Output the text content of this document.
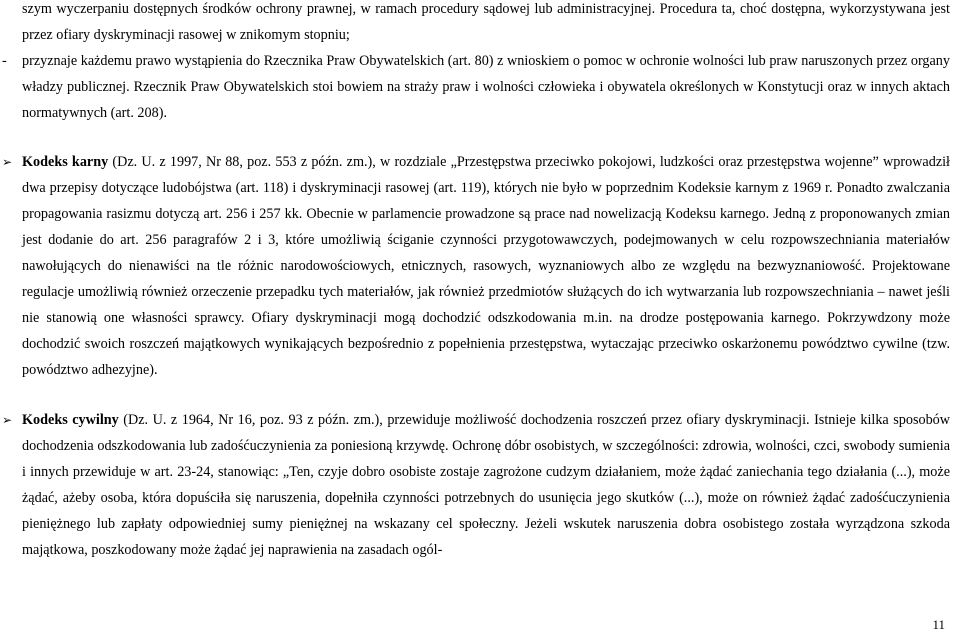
szym wyczerpaniu dostępnych środków ochrony prawnej, w ramach procedury sądowej lub administracyjnej. Procedura ta, choć dostępna, wykorzystywana jest przez ofiary dyskryminacji rasowej w znikomym stopniu;

-	przyznaje każdemu prawo wystąpienia do Rzecznika Praw Obywatelskich (art. 80) z wnioskiem o pomoc w ochronie wolności lub praw naruszonych przez organy władzy publicznej. Rzecznik Praw Obywatelskich stoi bowiem na straży praw i wolności człowieka i obywatela określonych w Konstytucji oraz w innych aktach normatywnych (art. 208).
➢ Kodeks karny (Dz. U. z 1997, Nr 88, poz. 553 z późn. zm.), w rozdziale „Przestępstwa przeciwko pokojowi, ludzkości oraz przestępstwa wojenne” wprowadził dwa przepisy dotyczące ludobójstwa (art. 118) i dyskryminacji rasowej (art. 119), których nie było w poprzednim Kodeksie karnym z 1969 r. Ponadto zwalczania propagowania rasizmu dotyczą art. 256 i 257 kk. Obecnie w parlamencie prowadzone są prace nad nowelizacją Kodeksu karnego. Jedną z proponowanych zmian jest dodanie do art. 256 paragrafów 2 i 3, które umożliwią ściganie czynności przygotowawczych, podejmowanych w celu rozpowszechniania materiałów nawołujących do nienawiści na tle różnic narodowościowych, etnicznych, rasowych, wyznaniowych albo ze względu na bezwyznaniowość. Projektowane regulacje umożliwią również orzeczenie przepadku tych materiałów, jak również przedmiotów służących do ich wytwarzania lub rozpowszechniania – nawet jeśli nie stanowią one własności sprawcy. Ofiary dyskryminacji mogą dochodzić odszkodowania m.in. na drodze postępowania karnego. Pokrzywdzony może dochodzić swoich roszczeń majątkowych wynikających bezpośrednio z popełnienia przestępstwa, wytaczając przeciwko oskarżonemu powództwo cywilne (tzw. powództwo adhezyjne).
➢ Kodeks cywilny (Dz. U. z 1964, Nr 16, poz. 93 z późn. zm.), przewiduje możliwość dochodzenia roszczeń przez ofiary dyskryminacji. Istnieje kilka sposobów dochodzenia odszkodowania lub zadośćuczynienia za poniesioną krzywdę. Ochronę dóbr osobistych, w szczególności: zdrowia, wolności, czci, swobody sumienia i innych przewiduje w art. 23-24, stanowiąc: „Ten, czyje dobro osobiste zostaje zagrożone cudzym działaniem, może żądać zaniechania tego działania (...), może żądać, ażeby osoba, która dopuściła się naruszenia, dopełniła czynności potrzebnych do usunięcia jego skutków (...), może on również żądać zadośćuczynienia pieniężnego lub zapłaty odpowiedniej sumy pieniężnej na wskazany cel społeczny. Jeżeli wskutek naruszenia dobra osobistego została wyrządzona szkoda majątkowa, poszkodowany może żądać jej naprawienia na zasadach ogól-
11
